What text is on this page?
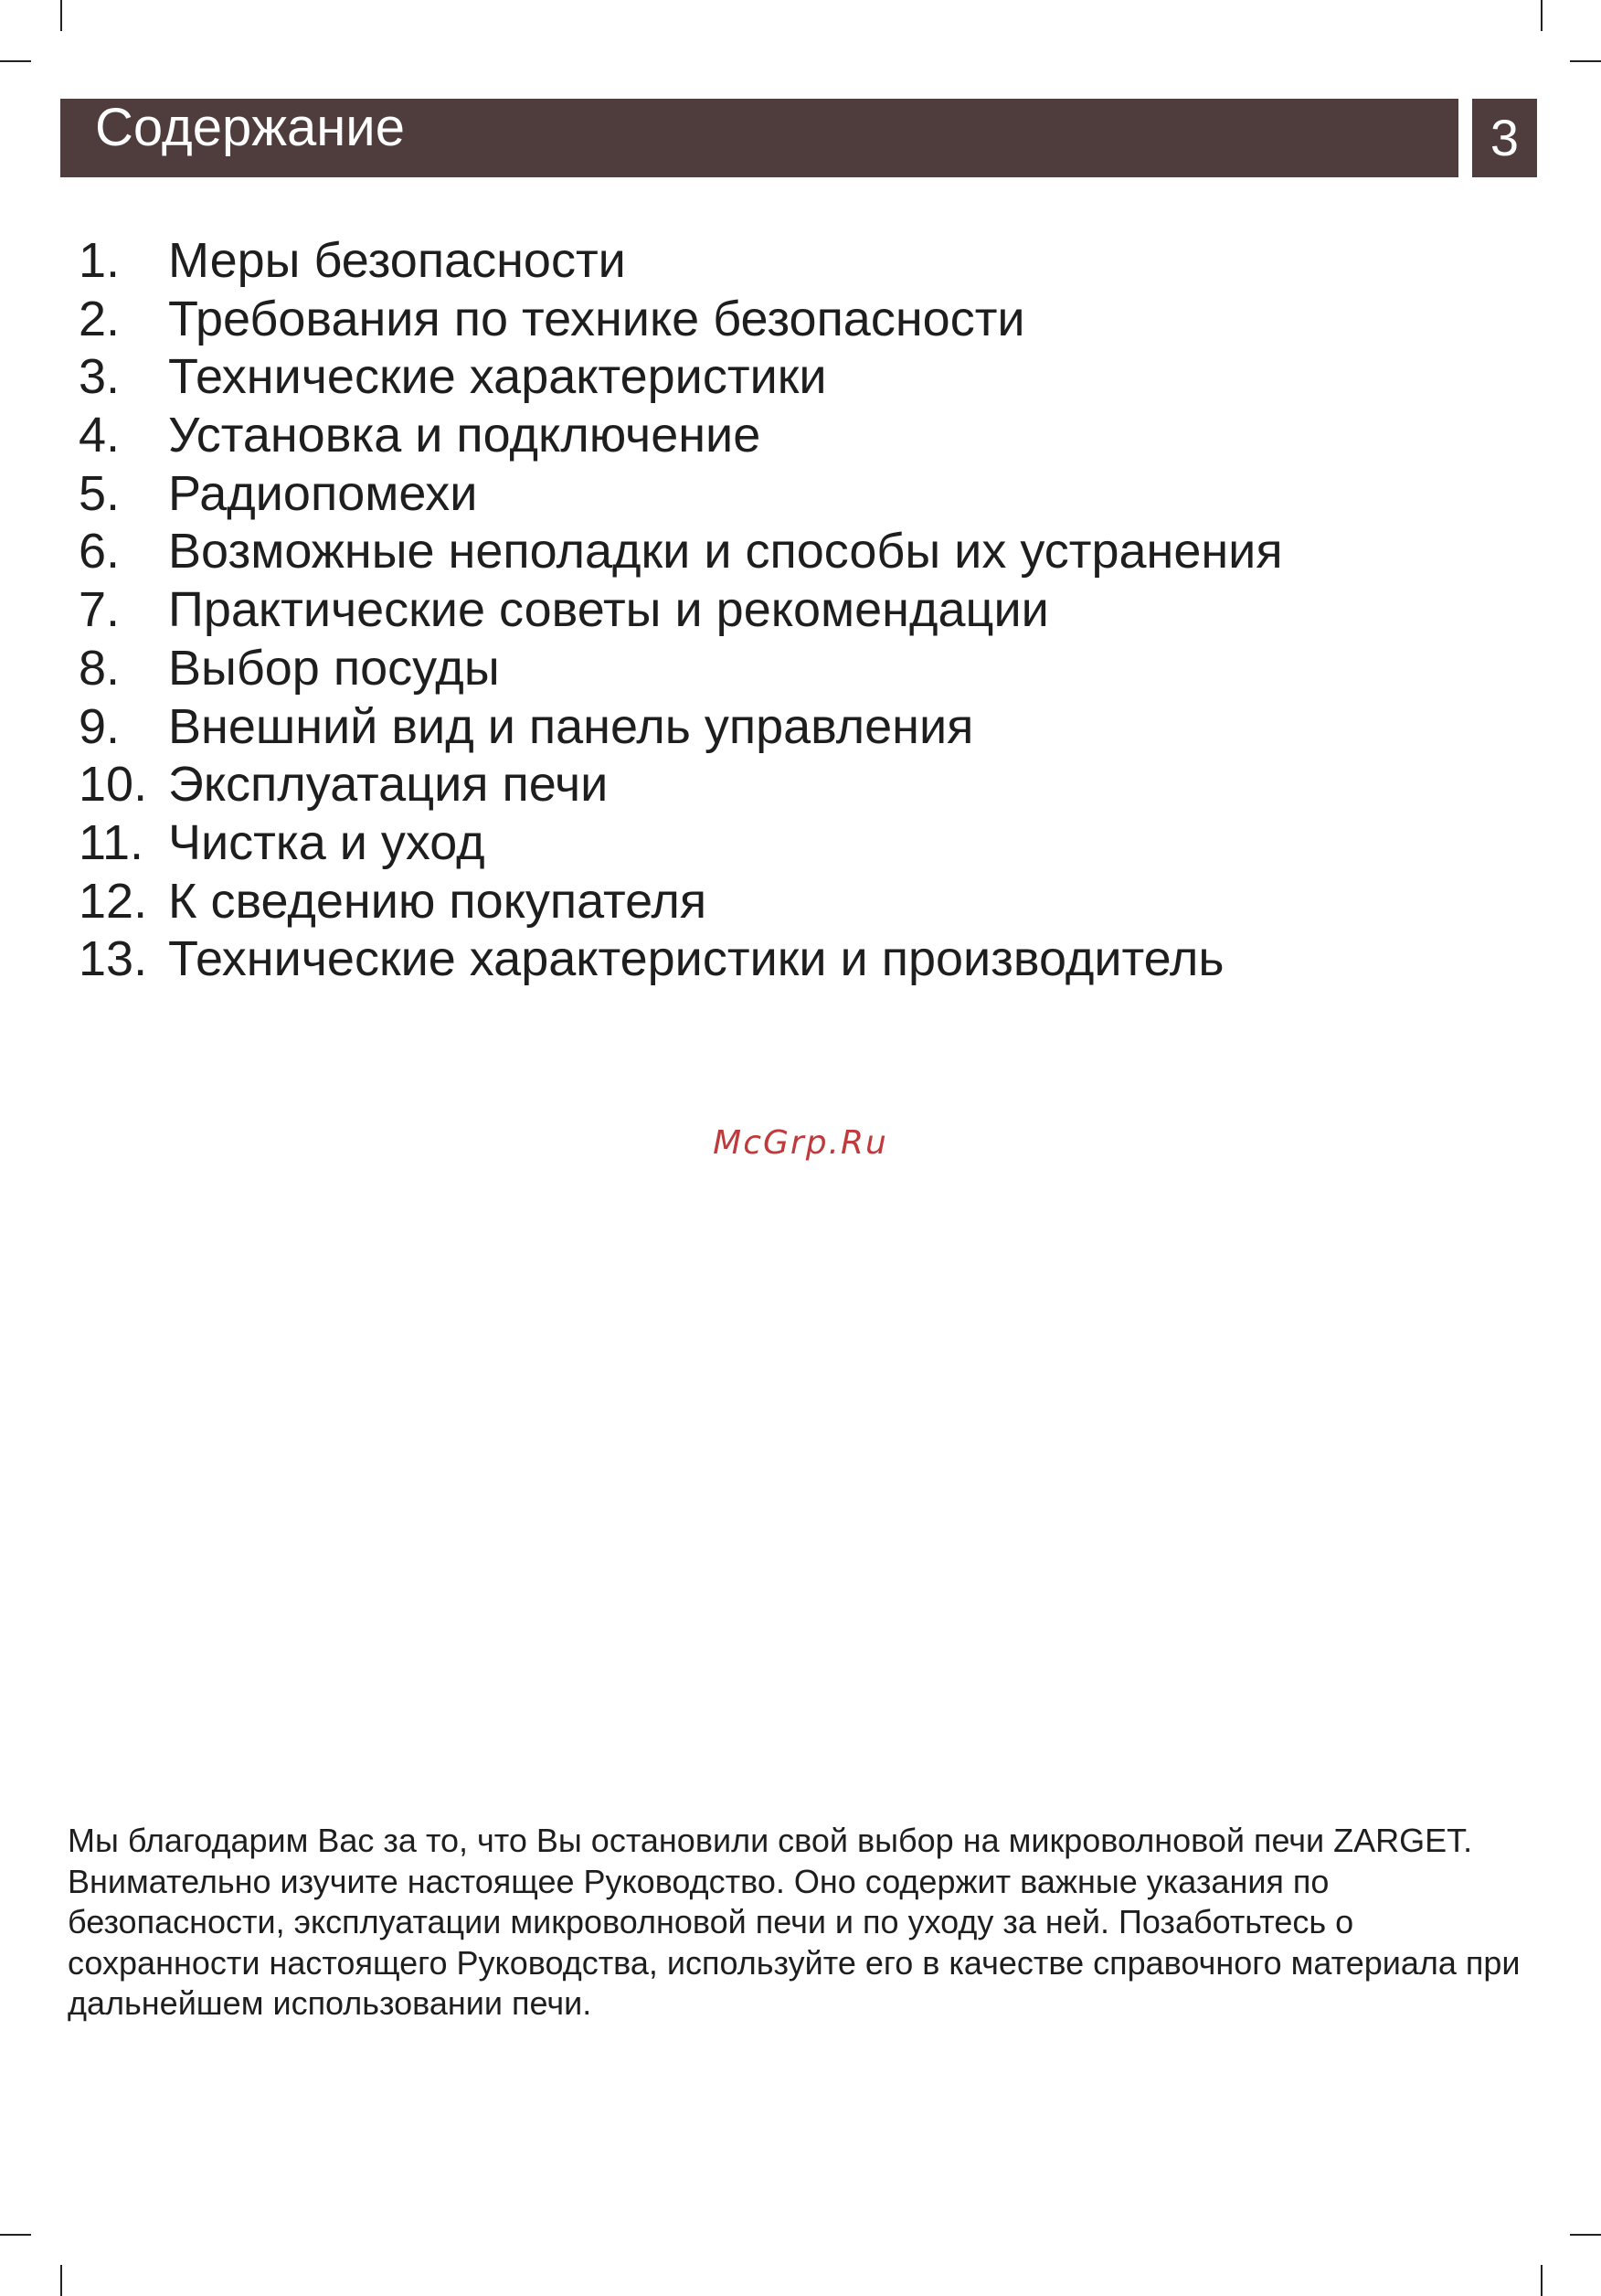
Содержание	3
1. Меры безопасности
2. Требования по технике безопасности
3. Технические характеристики
4. Установка и подключение
5. Радиопомехи
6. Возможные неполадки и способы их устранения
7. Практические советы и рекомендации
8. Выбор посуды
9. Внешний вид и панель управления
10. Эксплуатация печи
11. Чистка и уход
12. К сведению покупателя
13. Технические характеристики и производитель
McGrp.Ru

Мы благодарим Вас за то, что Вы остановили свой выбор на микроволновой печи ZARGET.

Внимательно изучите настоящее Руководство. Оно содержит важные указания по безопасности, эксплуатации микроволновой печи и по уходу за ней. Позаботьтесь о сохранности настоящего Руководства, используйте его в качестве справочного материала при дальнейшем использовании печи.
